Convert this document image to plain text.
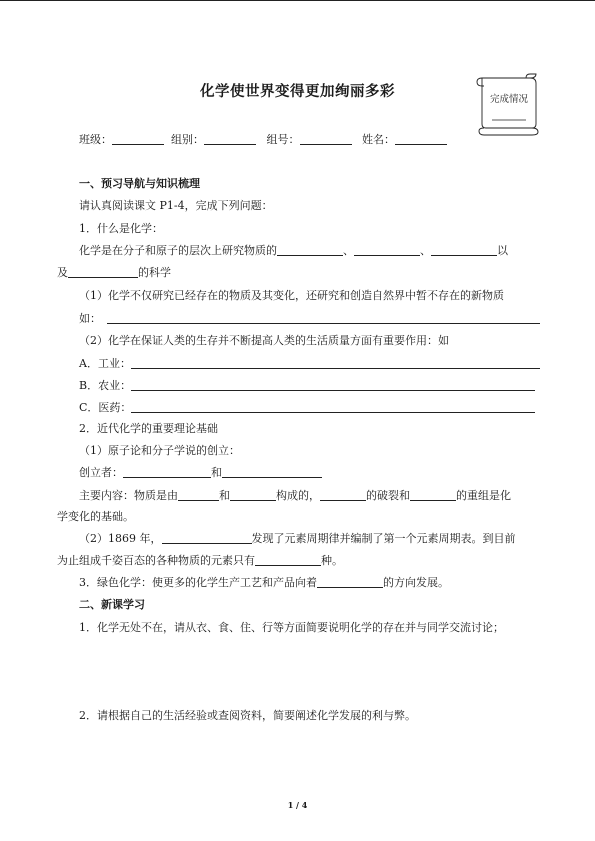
化学使世界变得更加绚丽多彩	完成情况
班级：	组别：	组号：	姓名：
一、预习导航与知识梳理
请认真阅读课文 P1-4，完成下列问题：
1．什么是化学：
化学是在分子和原子的层次上研究物质的	、	、	以
及	的科学
（1）化学不仅研究已经存在的物质及其变化，还研究和创造自然界中暂不存在的新物质
如：
（2）化学在保证人类的生存并不断提高人类的生活质量方面有重要作用：如
A．工业：
B．农业：
C．医药：
2．近代化学的重要理论基础
（1）原子论和分子学说的创立：
创立者：	和
主要内容：物质是由	和	构成的，	的破裂和	的重组是化
学变化的基础。
（2）1869 年，	发现了元素周期律并编制了第一个元素周期表。到目前
为止组成千姿百态的各种物质的元素只有	种。
3．绿色化学：使更多的化学生产工艺和产品向着	的方向发展。
二、新课学习
1．化学无处不在，请从衣、食、住、行等方面简要说明化学的存在并与同学交流讨论；
2．请根据自己的生活经验或查阅资料，简要阐述化学发展的利与弊。
1 / 4
